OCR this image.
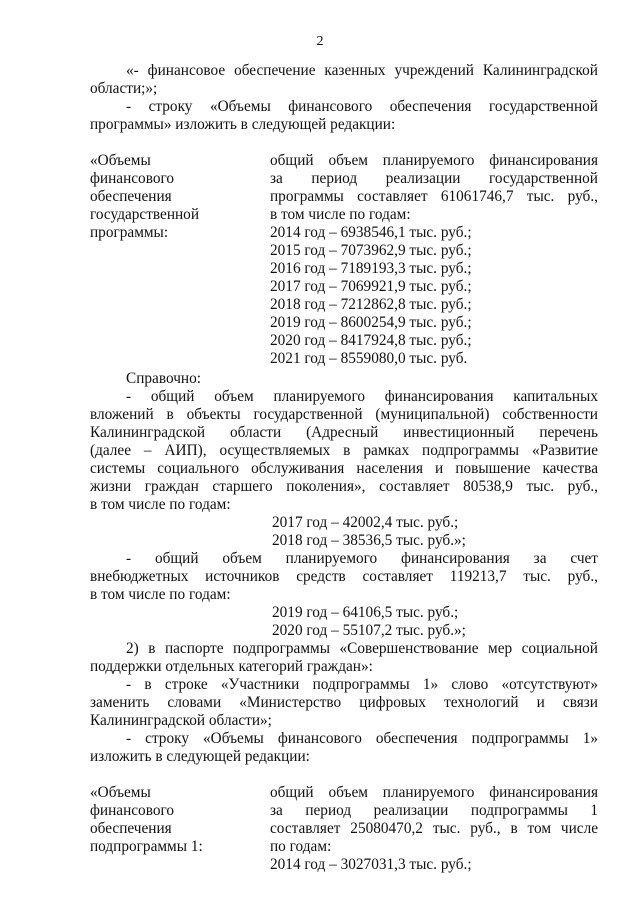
2
«- финансовое обеспечение казенных учреждений Калининградской
области;»;
- строку «Объемы финансового обеспечения государственной
программы» изложить в следующей редакции:
«Объемы
финансового
обеспечения
государственной
программы:
общий объем планируемого финансирования
за период реализации государственной
программы составляет 61061746,7 тыс. руб.,
в том числе по годам:
2014 год – 6938546,1 тыс. руб.;
2015 год – 7073962,9 тыс. руб.;
2016 год – 7189193,3 тыс. руб.;
2017 год – 7069921,9 тыс. руб.;
2018 год – 7212862,8 тыс. руб.;
2019 год – 8600254,9 тыс. руб.;
2020 год – 8417924,8 тыс. руб.;
2021 год – 8559080,0 тыс. руб.
Справочно:
- общий объем планируемого финансирования капитальных
вложений в объекты государственной (муниципальной) собственности
Калининградской области (Адресный инвестиционный перечень
(далее – АИП), осуществляемых в рамках подпрограммы «Развитие
системы социального обслуживания населения и повышение качества
жизни граждан старшего поколения», составляет 80538,9 тыс. руб.,
в том числе по годам:
2017 год – 42002,4 тыс. руб.;
2018 год – 38536,5 тыс. руб.»;
- общий объем планируемого финансирования за счет
внебюджетных источников средств составляет 119213,7 тыс. руб.,
в том числе по годам:
2019 год – 64106,5 тыс. руб.;
2020 год – 55107,2 тыс. руб.»;
2) в паспорте подпрограммы «Совершенствование мер социальной
поддержки отдельных категорий граждан»:
- в строке «Участники подпрограммы 1» слово «отсутствуют»
заменить словами «Министерство цифровых технологий и связи
Калининградской области»;
- строку «Объемы финансового обеспечения подпрограммы 1»
изложить в следующей редакции:
«Объемы
финансового
обеспечения
подпрограммы 1:
общий объем планируемого финансирования
за период реализации подпрограммы 1
составляет 25080470,2 тыс. руб., в том числе
по годам:
2014 год – 3027031,3 тыс. руб.;
